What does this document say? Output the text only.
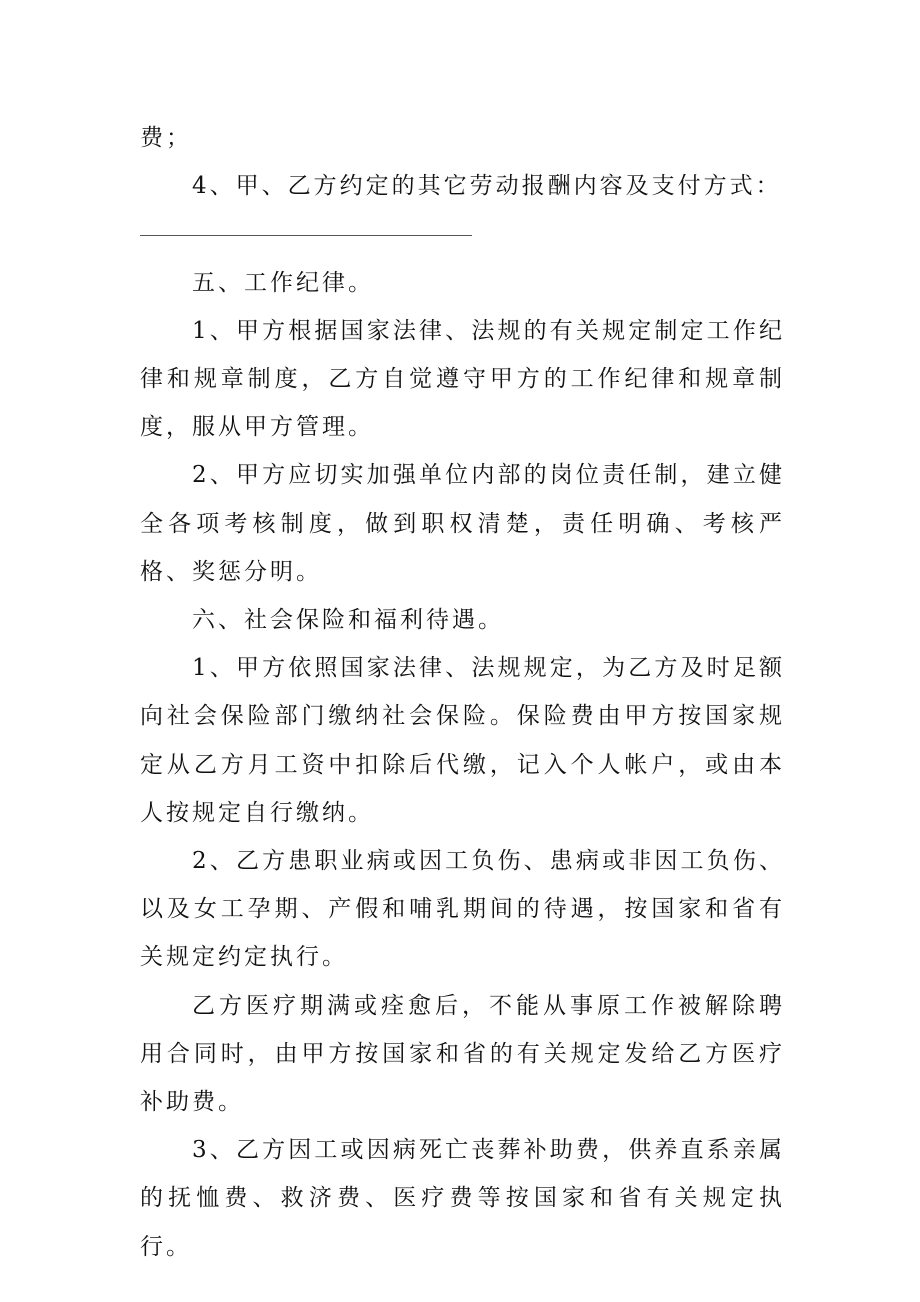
费；

4、甲、乙方约定的其它劳动报酬内容及支付方式：

五、工作纪律。

1、甲方根据国家法律、法规的有关规定制定工作纪律和规章制度，乙方自觉遵守甲方的工作纪律和规章制度，服从甲方管理。

2、甲方应切实加强单位内部的岗位责任制，建立健全各项考核制度，做到职权清楚，责任明确、考核严格、奖惩分明。

六、社会保险和福利待遇。

1、甲方依照国家法律、法规规定，为乙方及时足额向社会保险部门缴纳社会保险。保险费由甲方按国家规定从乙方月工资中扣除后代缴，记入个人帐户，或由本人按规定自行缴纳。

2、乙方患职业病或因工负伤、患病或非因工负伤、以及女工孕期、产假和哺乳期间的待遇，按国家和省有关规定约定执行。

乙方医疗期满或痊愈后，不能从事原工作被解除聘用合同时，由甲方按国家和省的有关规定发给乙方医疗补助费。

3、乙方因工或因病死亡丧葬补助费，供养直系亲属的抚恤费、救济费、医疗费等按国家和省有关规定执行。
